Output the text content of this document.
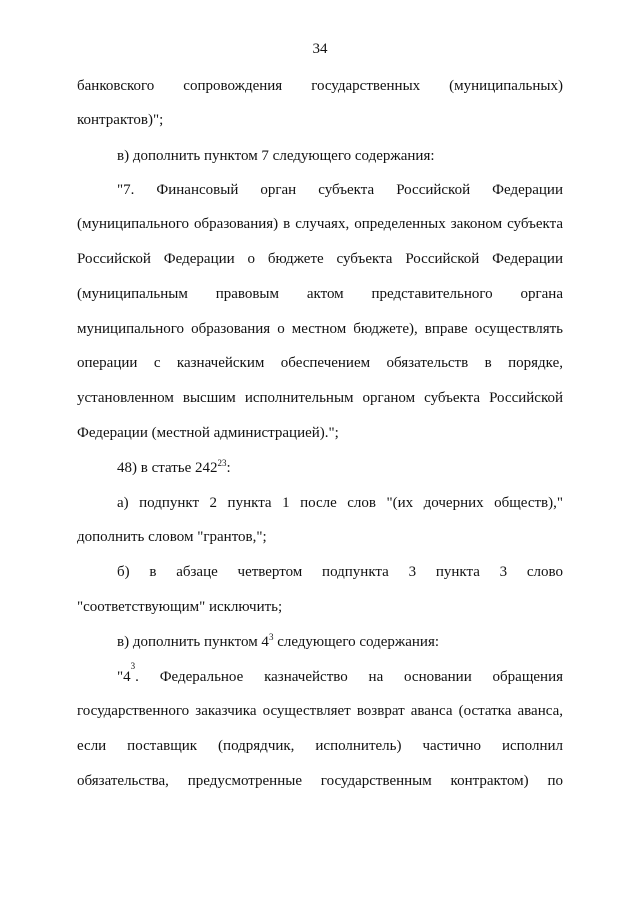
34
банковского сопровождения государственных (муниципальных)
контрактов)";
в) дополнить пунктом 7 следующего содержания:
"7. Финансовый орган субъекта Российской Федерации
(муниципального образования) в случаях, определенных законом субъекта
Российской Федерации о бюджете субъекта Российской Федерации
(муниципальным правовым актом представительного органа
муниципального образования о местном бюджете), вправе осуществлять
операции с казначейским обеспечением обязательств в порядке,
установленном высшим исполнительным органом субъекта Российской
Федерации (местной администрацией).";
48) в статье $242^{23}$:
а) подпункт 2 пункта 1 после слов "(их дочерних обществ),"
дополнить словом "грантов,";
б) в абзаце четвертом подпункта 3 пункта 3 слово
"соответствующим" исключить;
в) дополнить пунктом $4^3$ следующего содержания:
"4
3
. Федеральное казначейство на основании обращения
государственного заказчика осуществляет возврат аванса (остатка аванса,
если поставщик (подрядчик, исполнитель) частично исполнил
обязательства, предусмотренные государственным контрактом) по
